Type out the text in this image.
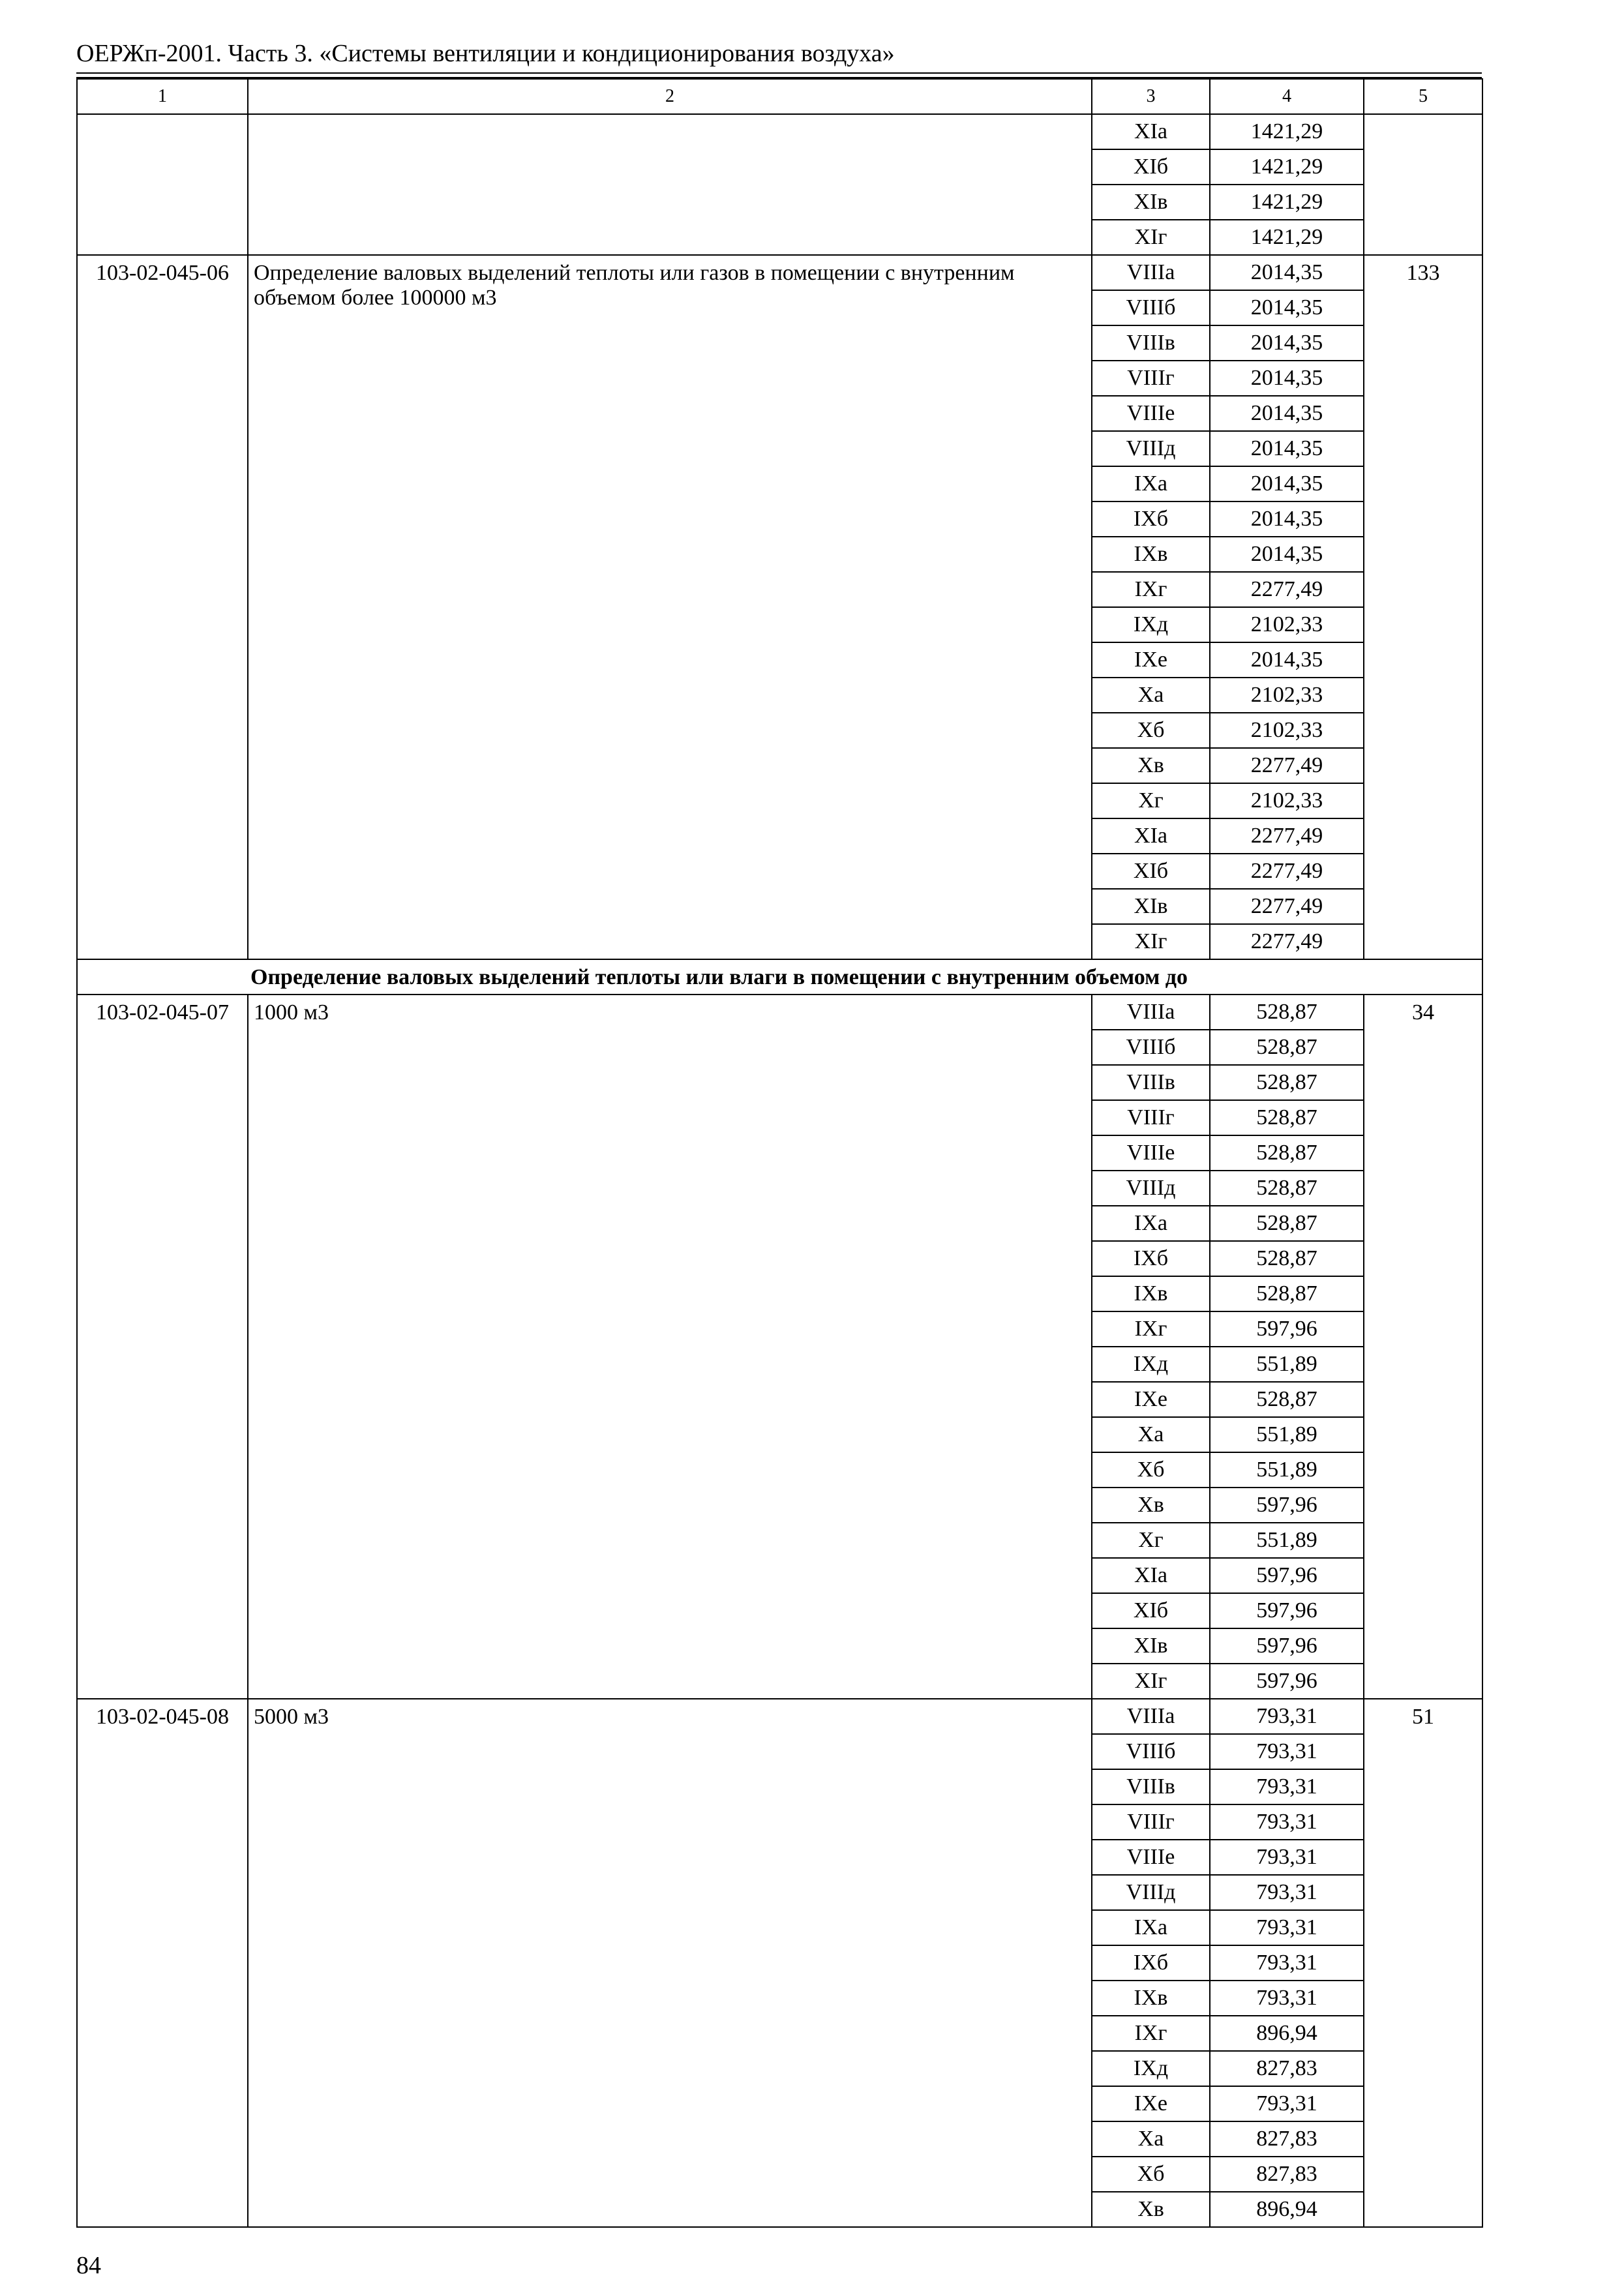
ОЕРЖп-2001. Часть 3. «Системы вентиляции и кондиционирования воздуха»
1	2	3	4	5
		XIа	1421,29	
		XIб	1421,29	
		XIв	1421,29	
		XIг	1421,29	
103-02-045-06	Определение валовых выделений теплоты или газов в помещении с внутренним объемом более 100000 м3	VIIIа	2014,35	133
		VIIIб	2014,35	
		VIIIв	2014,35	
		VIIIг	2014,35	
		VIIIе	2014,35	
		VIIIд	2014,35	
		IXа	2014,35	
		IXб	2014,35	
		IXв	2014,35	
		IXг	2277,49	
		IXд	2102,33	
		IXе	2014,35	
		Xа	2102,33	
		Xб	2102,33	
		Xв	2277,49	
		Xг	2102,33	
		XIа	2277,49	
		XIб	2277,49	
		XIв	2277,49	
		XIг	2277,49	
Определение валовых выделений теплоты или влаги в помещении с внутренним объемом до				
103-02-045-07	1000 м3	VIIIа	528,87	34
		VIIIб	528,87	
		VIIIв	528,87	
		VIIIг	528,87	
		VIIIе	528,87	
		VIIIд	528,87	
		IXа	528,87	
		IXб	528,87	
		IXв	528,87	
		IXг	597,96	
		IXд	551,89	
		IXе	528,87	
		Xа	551,89	
		Xб	551,89	
		Xв	597,96	
		Xг	551,89	
		XIа	597,96	
		XIб	597,96	
		XIв	597,96	
		XIг	597,96	
103-02-045-08	5000 м3	VIIIа	793,31	51
		VIIIб	793,31	
		VIIIв	793,31	
		VIIIг	793,31	
		VIIIе	793,31	
		VIIIд	793,31	
		IXа	793,31	
		IXб	793,31	
		IXв	793,31	
		IXг	896,94	
		IXд	827,83	
		IXе	793,31	
		Xа	827,83	
		Xб	827,83	
		Xв	896,94	
84
